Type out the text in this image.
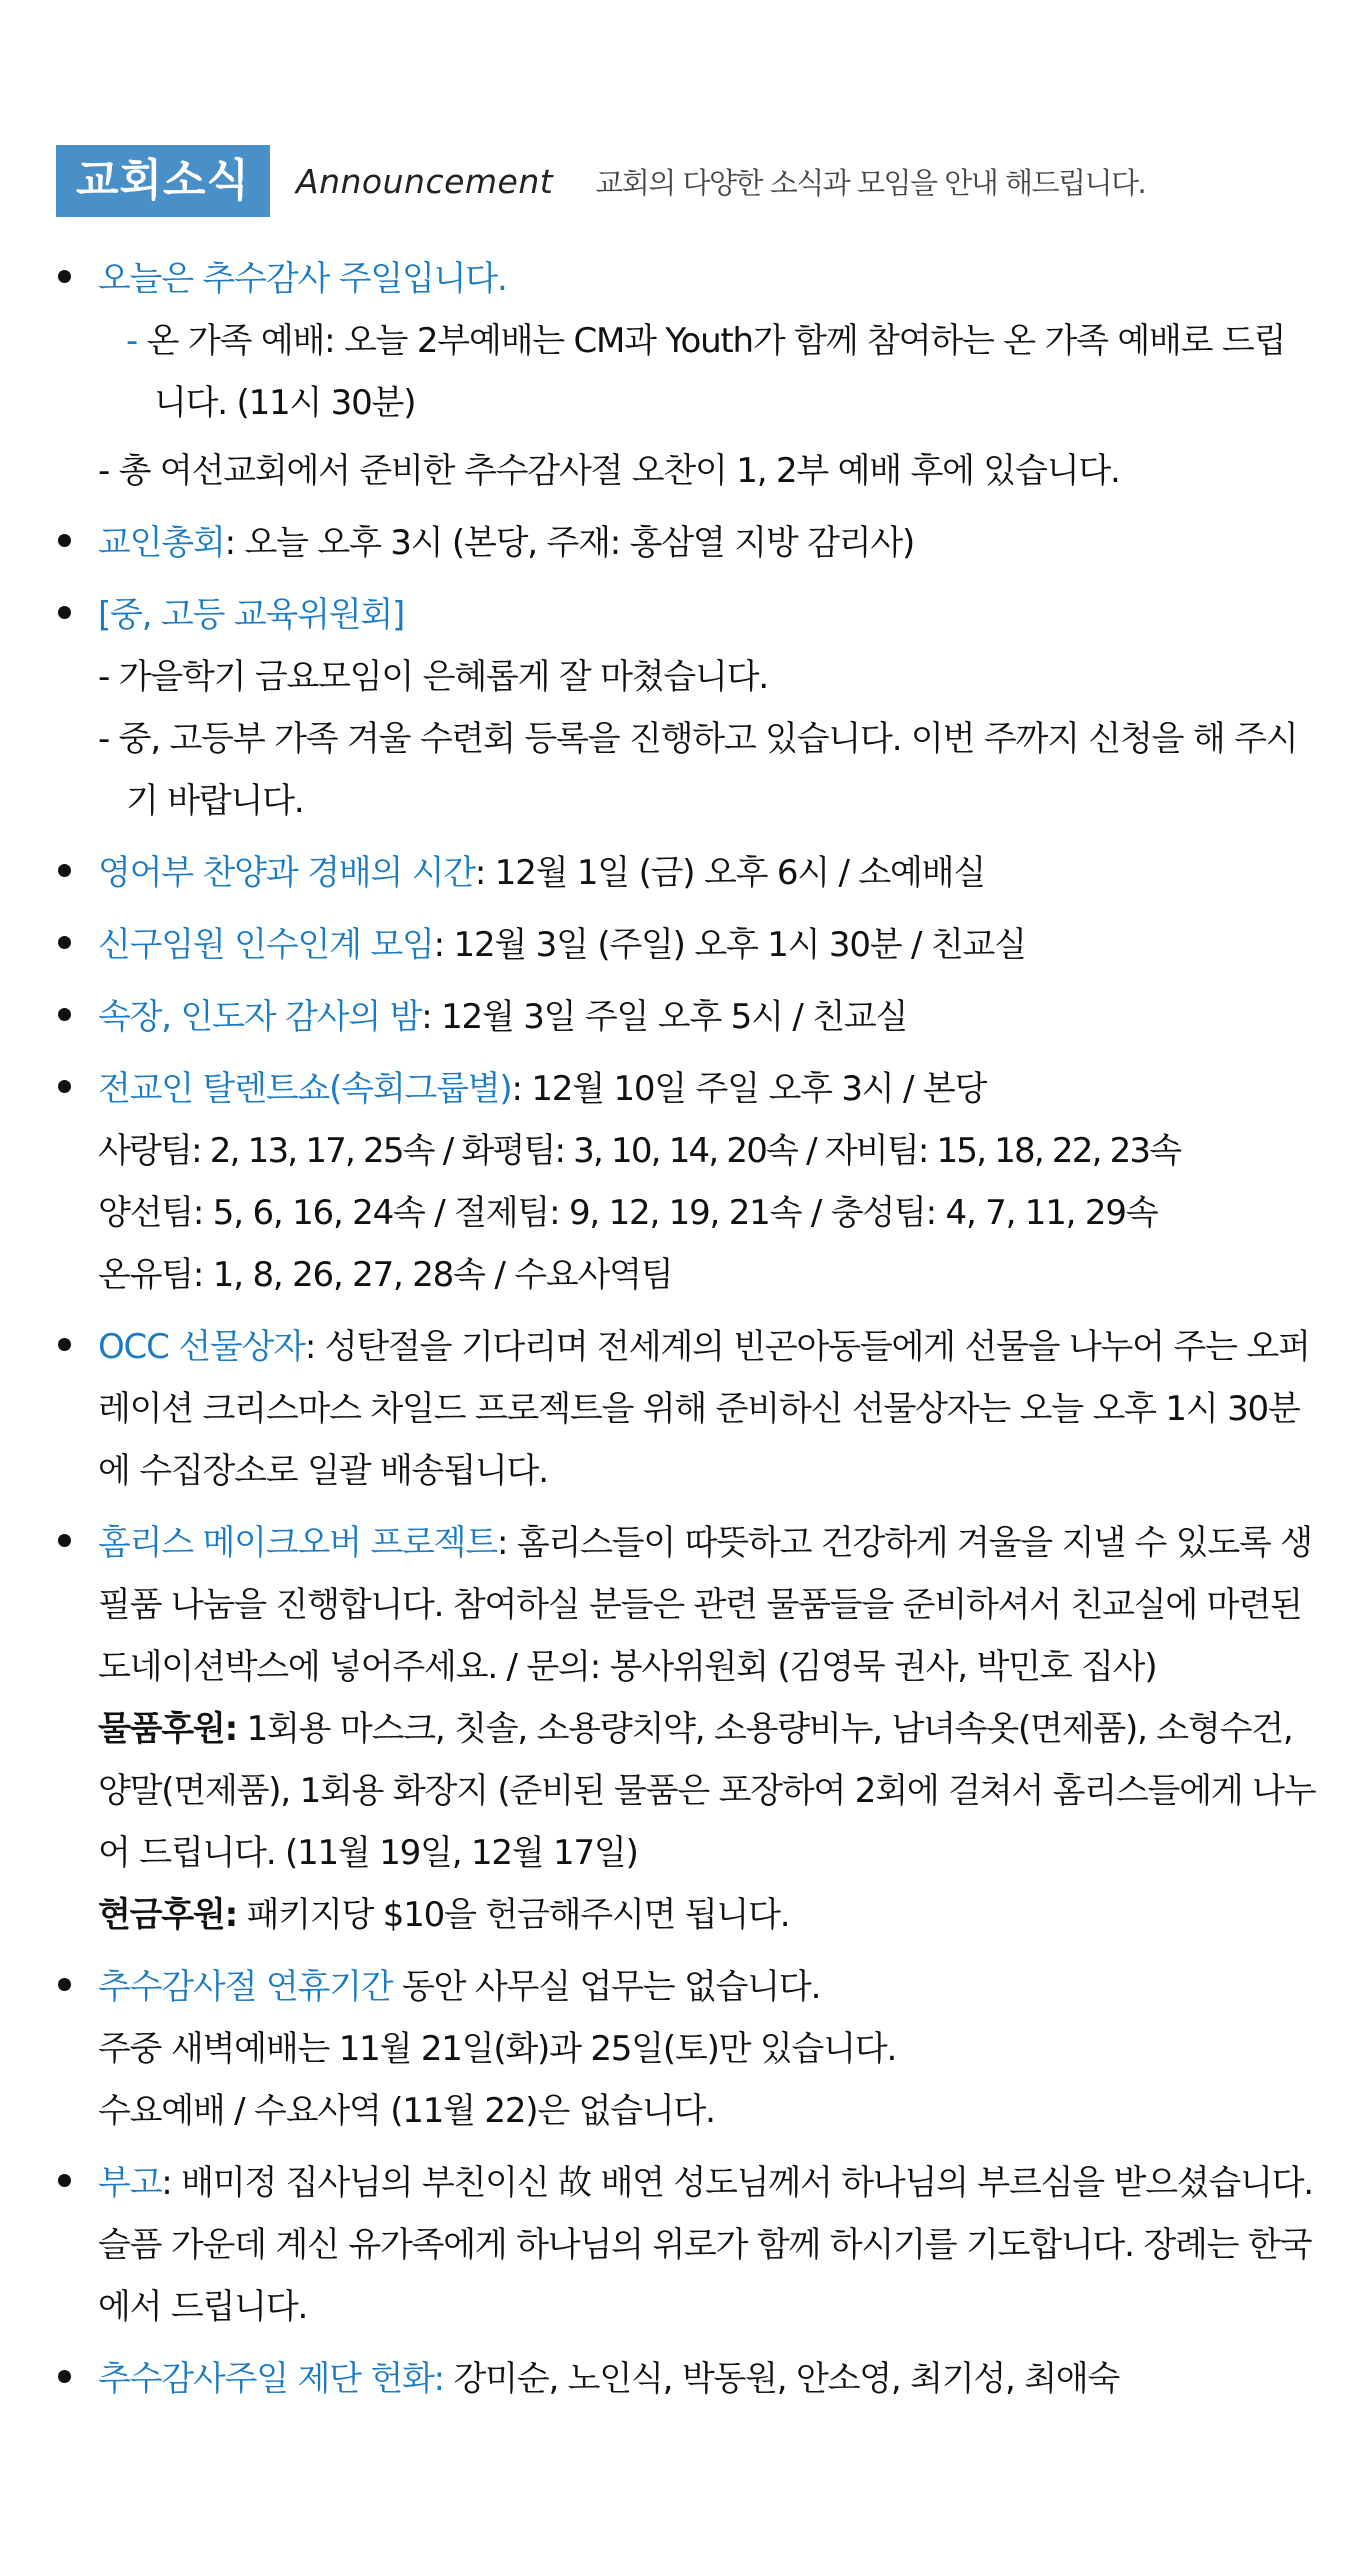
교회소식	Announcement 교회의 다양한 소식과 모임을 안내 해드립니다.
오늘은 추수감사 주일입니다.
- 온 가족 예배: 오늘 2부예배는 CM과 Youth가 함께 참여하는 온 가족 예배로 드립니다. (11시 30분)
- 총 여선교회에서 준비한 추수감사절 오찬이 1, 2부 예배 후에 있습니다.
교인총회: 오늘 오후 3시 (본당, 주재: 홍삼열 지방 감리사)
[중, 고등 교육위원회]
- 가을학기 금요모임이 은혜롭게 잘 마쳤습니다.
- 중, 고등부 가족 겨울 수련회 등록을 진행하고 있습니다. 이번 주까지 신청을 해 주시기 바랍니다.
영어부 찬양과 경배의 시간: 12월 1일 (금) 오후 6시 / 소예배실
신구임원 인수인계 모임: 12월 3일 (주일) 오후 1시 30분 / 친교실
속장, 인도자 감사의 밤: 12월 3일 주일 오후 5시 / 친교실
전교인 탈렌트쇼(속회그룹별): 12월 10일 주일 오후 3시 / 본당
사랑팀: 2, 13, 17, 25속 / 화평팀: 3, 10, 14, 20속 / 자비팀: 15, 18, 22, 23속
양선팀: 5, 6, 16, 24속 / 절제팀: 9, 12, 19, 21속 / 충성팀: 4, 7, 11, 29속
온유팀: 1, 8, 26, 27, 28속 / 수요사역팀
OCC 선물상자: 성탄절을 기다리며 전세계의 빈곤아동들에게 선물을 나누어 주는 오퍼레이션 크리스마스 차일드 프로젝트을 위해 준비하신 선물상자는 오늘 오후 1시 30분에 수집장소로 일괄 배송됩니다.
홈리스 메이크오버 프로젝트: 홈리스들이 따뜻하고 건강하게 겨울을 지낼 수 있도록 생필품 나눔을 진행합니다. 참여하실 분들은 관련 물품들을 준비하셔서 친교실에 마련된 도네이션박스에 넣어주세요. / 문의: 봉사위원회 (김영묵 권사, 박민호 집사)
물품후원: 1회용 마스크, 칫솔, 소용량치약, 소용량비누, 남녀속옷(면제품), 소형수건, 양말(면제품), 1회용 화장지 (준비된 물품은 포장하여 2회에 걸쳐서 홈리스들에게 나누어 드립니다. (11월 19일, 12월 17일)
현금후원: 패키지당 $10을 헌금해주시면 됩니다.
추수감사절 연휴기간 동안 사무실 업무는 없습니다.
주중 새벽예배는 11월 21일(화)과 25일(토)만 있습니다.
수요예배 / 수요사역 (11월 22)은 없습니다.
부고: 배미정 집사님의 부친이신 故 배연 성도님께서 하나님의 부르심을 받으셨습니다. 슬픔 가운데 계신 유가족에게 하나님의 위로가 함께 하시기를 기도합니다. 장례는 한국에서 드립니다.
추수감사주일 제단 헌화: 강미순, 노인식, 박동원, 안소영, 최기성, 최애숙
